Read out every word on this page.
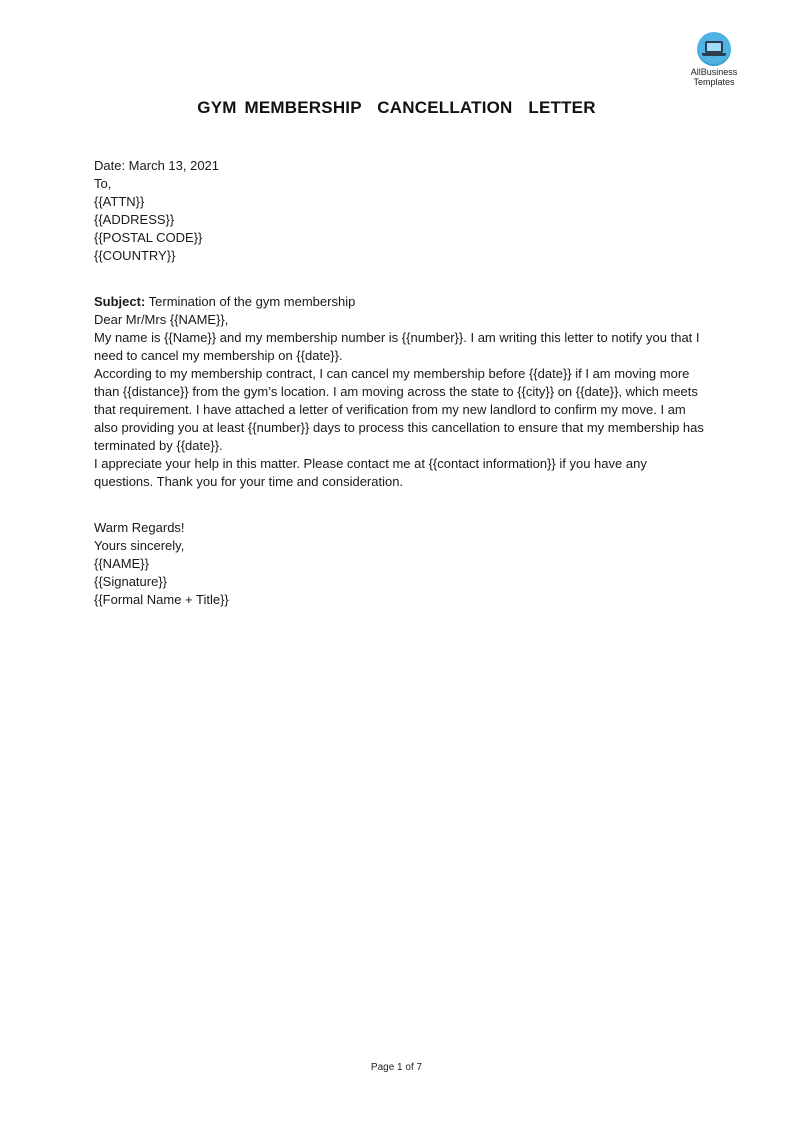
AllBusiness
Templates
GYM MEMBERSHIP  CANCELLATION  LETTER

Date: March 13, 2021

To,

{{ATTN}}

{{ADDRESS}}

{{POSTAL CODE}}

{{COUNTRY}}

Subject: Termination of the gym membership

Dear Mr/Mrs {{NAME}},

My name is {{Name}} and my membership number is {{number}}. I am writing this letter to notify you that I need to cancel my membership on {{date}}.

According to my membership contract, I can cancel my membership before {{date}} if I am moving more than {{distance}} from the gym’s location. I am moving across the state to {{city}} on {{date}}, which meets that requirement. I have attached a letter of verification from my new landlord to confirm my move. I am also providing you at least {{number}} days to process this cancellation to ensure that my membership has terminated by {{date}}.

I appreciate your help in this matter. Please contact me at {{contact information}} if you have any questions. Thank you for your time and consideration.

Warm Regards!

Yours sincerely,

{{NAME}}

{{Signature}}

{{Formal Name + Title}}

Page 1 of 7
